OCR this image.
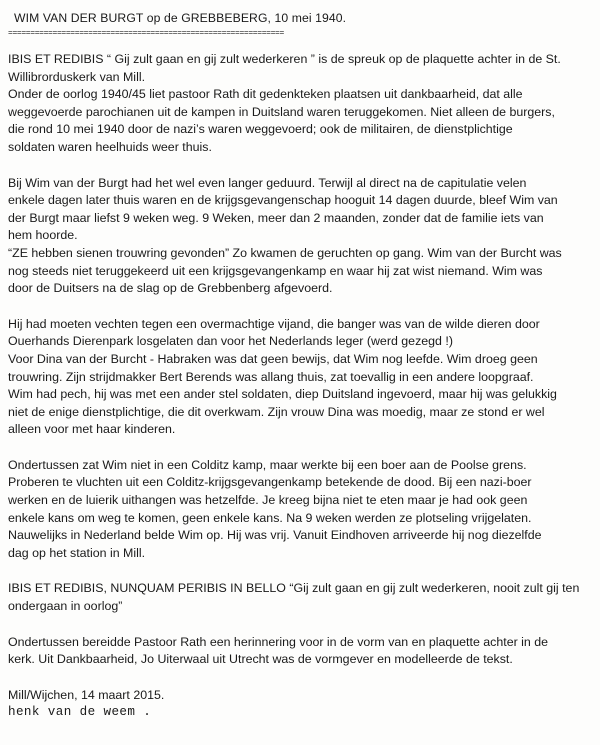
WIM VAN DER BURGT op de GREBBEBERG, 10 mei 1940.
==============================================================
IBIS ET REDIBIS “ Gij zult gaan en gij zult wederkeren ” is de spreuk op de plaquette achter in de St.
Willibrorduskerk van Mill.
Onder de oorlog 1940/45 liet pastoor Rath dit gedenkteken plaatsen uit dankbaarheid, dat alle
weggevoerde parochianen uit de kampen in Duitsland waren teruggekomen. Niet alleen de burgers,
die rond 10 mei 1940 door de nazi’s waren weggevoerd; ook de militairen, de dienstplichtige
soldaten waren heelhuids weer thuis.
Bij Wim van der Burgt had het wel even langer geduurd. Terwijl al direct na de capitulatie velen
enkele dagen later thuis waren en de krijgsgevangenschap hooguit 14 dagen duurde, bleef Wim van
der Burgt maar liefst 9 weken weg. 9 Weken, meer dan 2 maanden, zonder dat de familie iets van
hem hoorde.
“ZE hebben sienen trouwring gevonden” Zo kwamen de geruchten op gang. Wim van der Burcht was
nog steeds niet teruggekeerd uit een krijgsgevangenkamp en waar hij zat wist niemand. Wim was
door de Duitsers na de slag op de Grebbenberg afgevoerd.
Hij had moeten vechten tegen een overmachtige vijand, die banger was van de wilde dieren door
Ouerhands Dierenpark losgelaten dan voor het Nederlands leger (werd gezegd !)
Voor Dina van der Burcht - Habraken was dat geen bewijs, dat Wim nog leefde. Wim droeg geen
trouwring. Zijn strijdmakker Bert Berends was allang thuis, zat toevallig in een andere loopgraaf.
Wim had pech, hij was met een ander stel soldaten, diep Duitsland ingevoerd, maar hij was gelukkig
niet de enige dienstplichtige, die dit overkwam. Zijn vrouw Dina was moedig, maar ze stond er wel
alleen voor met haar kinderen.
Ondertussen zat Wim niet in een Colditz kamp, maar werkte bij een boer aan de Poolse grens.
Proberen te vluchten uit een Colditz-krijgsgevangenkamp betekende de dood. Bij een nazi-boer
werken en de luierik uithangen was hetzelfde. Je kreeg bijna niet te eten maar je had ook geen
enkele kans om weg te komen, geen enkele kans. Na 9 weken werden ze plotseling vrijgelaten.
Nauwelijks in Nederland belde Wim op. Hij was vrij. Vanuit Eindhoven arriveerde hij nog diezelfde
dag op het station in Mill.
IBIS ET REDIBIS, NUNQUAM PERIBIS IN BELLO “Gij zult gaan en gij zult wederkeren, nooit zult gij ten
ondergaan in oorlog”
Ondertussen bereidde Pastoor Rath een herinnering voor in de vorm van en plaquette achter in de
kerk. Uit Dankbaarheid, Jo Uiterwaal uit Utrecht was de vormgever en modelleerde de tekst.
Mill/Wijchen, 14 maart 2015.
henk van de weem .
